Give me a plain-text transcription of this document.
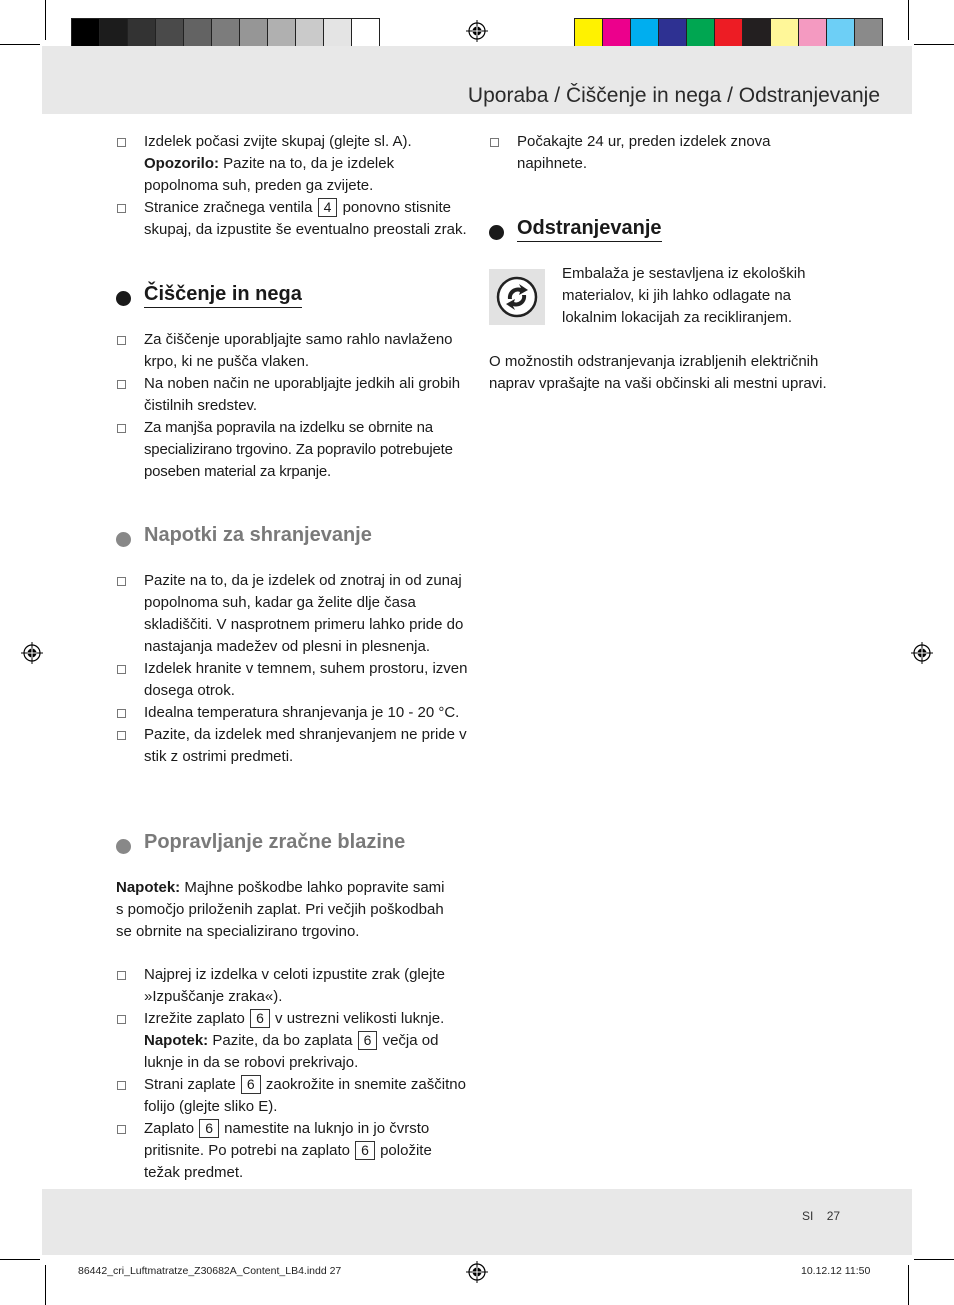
Uporaba / Čiščenje in nega / Odstranjevanje

Izdelek počasi zvijte skupaj (glejte sl. A).
Opozorilo: Pazite na to, da je izdelek popolnoma suh, preden ga zvijete.

Stranice zračnega ventila 4 ponovno stisnite skupaj, da izpustite še eventualno preostali zrak.

Čiščenje in nega

Za čiščenje uporabljajte samo rahlo navlaženo krpo, ki ne pušča vlaken.

Na noben način ne uporabljajte jedkih ali grobih čistilnih sredstev.

Za manjša popravila na izdelku se obrnite na specializirano trgovino. Za popravilo potrebujete poseben material za krpanje.

Napotki za shranjevanje

Pazite na to, da je izdelek od znotraj in od zunaj popolnoma suh, kadar ga želite dlje časa skladiščiti. V nasprotnem primeru lahko pride do nastajanja madežev od plesni in plesnenja.

Izdelek hranite v temnem, suhem prostoru, izven dosega otrok.

Idealna temperatura shranjevanja je 10 - 20 °C.

Pazite, da izdelek med shranjevanjem ne pride v stik z ostrimi predmeti.

Popravljanje zračne blazine

Napotek: Majhne poškodbe lahko popravite sami s pomočjo priloženih zaplat. Pri večjih poškodbah se obrnite na specializirano trgovino.

Najprej iz izdelka v celoti izpustite zrak (glejte »Izpuščanje zraka«).

Izrežite zaplato 6 v ustrezni velikosti luknje.
Napotek: Pazite, da bo zaplata 6 večja od luknje in da se robovi prekrivajo.

Strani zaplate 6 zaokrožite in snemite zaščitno folijo (glejte sliko E).

Zaplato 6 namestite na luknjo in jo čvrsto pritisnite. Po potrebi na zaplato 6 položite težak predmet.

Počakajte 24 ur, preden izdelek znova napihnete.

Odstranjevanje

Embalaža je sestavljena iz ekoloških materialov, ki jih lahko odlagate na lokalnim lokacijah za recikliranjem.

O možnostih odstranjevanja izrabljenih električnih naprav vprašajte na vaši občinski ali mestni upravi.

SI 27
86442_cri_Luftmatratze_Z30682A_Content_LB4.indd 27	10.12.12 11:50
